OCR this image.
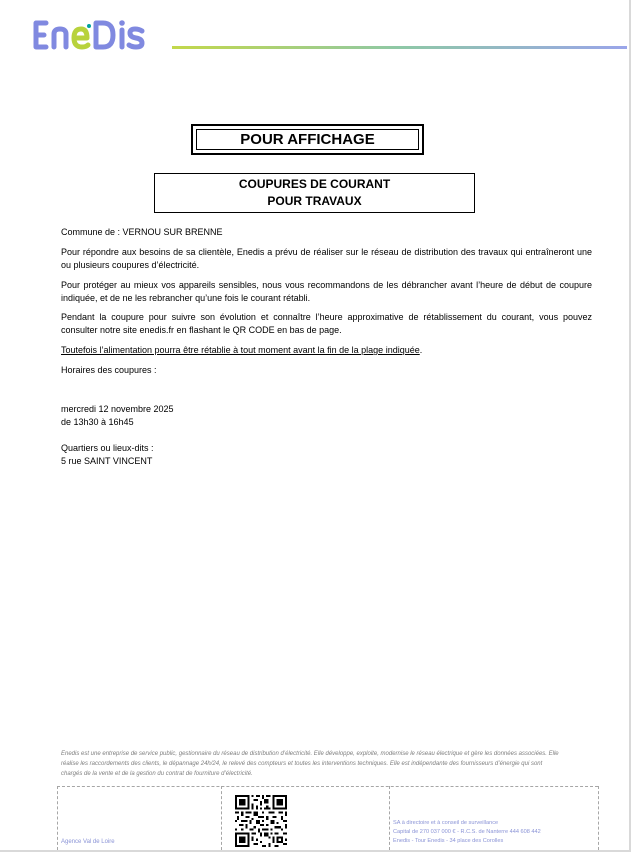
POUR AFFICHAGE
COUPURES DE COURANT
POUR TRAVAUX
Commune de : VERNOU SUR BRENNE
Pour répondre aux besoins de sa clientèle, Enedis a prévu de réaliser sur le réseau de distribution des travaux qui entraîneront une ou plusieurs coupures d’électricité.
Pour protéger au mieux vos appareils sensibles, nous vous recommandons de les débrancher avant l’heure de début de coupure indiquée, et de ne les rebrancher qu’une fois le courant rétabli.
Pendant la coupure pour suivre son évolution et connaître l’heure approximative de rétablissement du courant, vous pouvez consulter notre site enedis.fr en flashant le QR CODE en bas de page.
Toutefois l’alimentation pourra être rétablie à tout moment avant la fin de la plage indiquée.
Horaires des coupures :
mercredi 12 novembre 2025
de 13h30 à 16h45
Quartiers ou lieux-dits :
5 rue SAINT VINCENT
Enedis est une entreprise de service public, gestionnaire du réseau de distribution d’électricité. Elle développe, exploite, modernise le réseau électrique et gère les données associées. Elle réalise les raccordements des clients, le dépannage 24h/24, le relevé des compteurs et toutes les interventions techniques. Elle est indépendante des fournisseurs d’énergie qui sont chargés de la vente et de la gestion du contrat de fourniture d’électricité.
Agence Val de Loire
SA à directoire et à conseil de surveillance
Capital de 270 037 000 € - R.C.S. de Nanterre 444 608 442
Enedis - Tour Enedis - 34 place des Corolles
